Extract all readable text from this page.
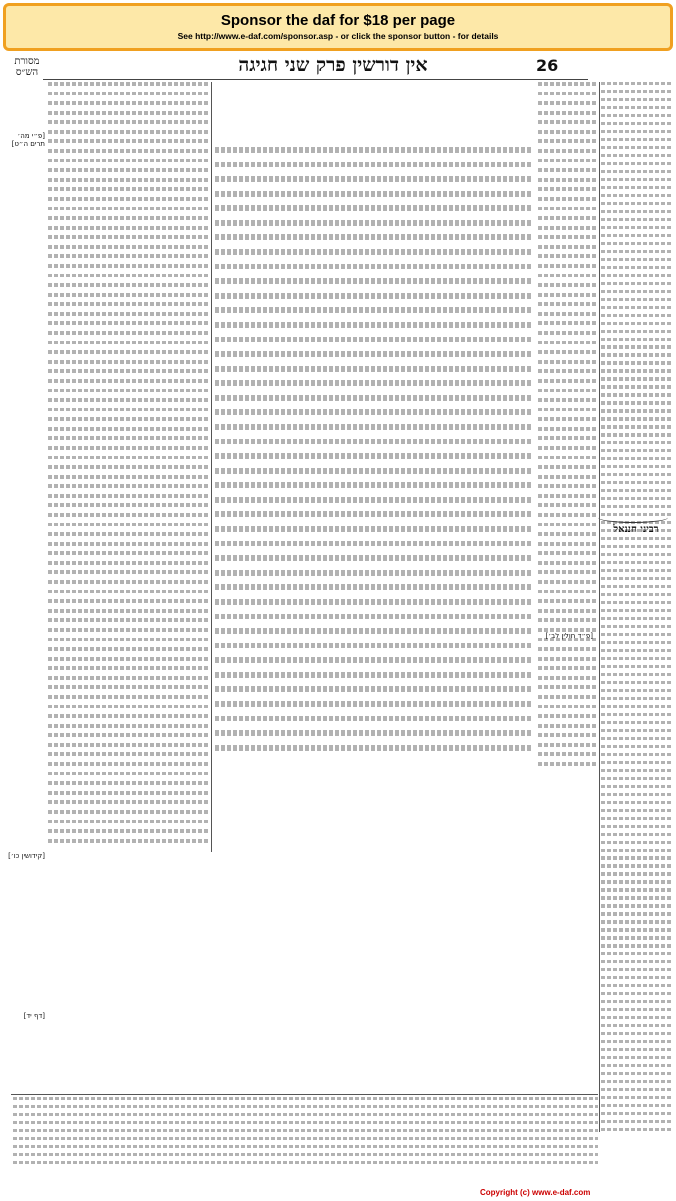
Sponsor the daf for $18 per page
See http://www.e-daf.com/sponsor.asp - or click the sponsor button - for details
26
אין דורשין פרק שני חגיגה
מסורת הש״ס
רבינו חננאל
[פ״י מה׳ תרים ה״ט]
[פ״ד חולין לב׳]
[קידושין כו׳]
[דף יד]
Copyright (c) www.e-daf.com
